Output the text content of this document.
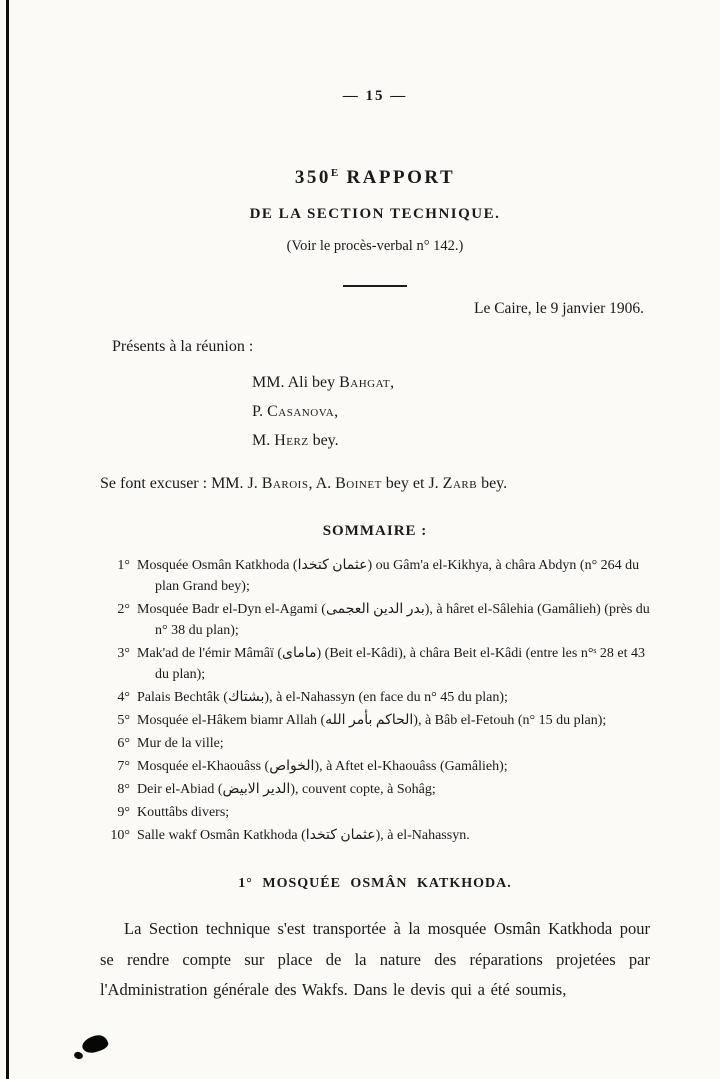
— 15 —
$350^E$ RAPPORT
DE LA SECTION TECHNIQUE.
(Voir le procès-verbal n° 142.)
Le Caire, le 9 janvier 1906.
Présents à la réunion :
MM. Ali bey Bahgat,
P. Casanova,
M. Herz bey.
Se font excuser : MM. J. Barois, A. Boinet bey et J. Zarb bey.
SOMMAIRE :
1° Mosquée Osmân Katkhoda (عثمان كتخدا) ou Gâm'a el-Kikhya, à châra Abdyn (n° 264 du plan Grand bey);
2° Mosquée Badr el-Dyn el-Agami (بدر الدين العجمى), à hâret el-Sâlehia (Gamâlieh) (près du n° 38 du plan);
3° Mak'ad de l'émir Mâmâï (ماماى) (Beit el-Kâdi), à châra Beit el-Kâdi (entre les n°ˢ 28 et 43 du plan);
4° Palais Bechtâk (بشتاك), à el-Nahassyn (en face du n° 45 du plan);
5° Mosquée el-Hâkem biamr Allah (الحاكم بأمر الله), à Bâb el-Fetouh (n° 15 du plan);
6° Mur de la ville;
7° Mosquée el-Khaouâss (الخواص), à Aftet el-Khaouâss (Gamâlieh);
8° Deir el-Abiad (الدير الابيض), couvent copte, à Sohâg;
9° Kouttâbs divers;
10° Salle wakf Osmân Katkhoda (عثمان كتخدا), à el-Nahassyn.
1° MOSQUÉE OSMÂN KATKHODA.
La Section technique s'est transportée à la mosquée Osmân Katkhoda pour se rendre compte sur place de la nature des réparations projetées par l'Administration générale des Wakfs. Dans le devis qui a été soumis,
